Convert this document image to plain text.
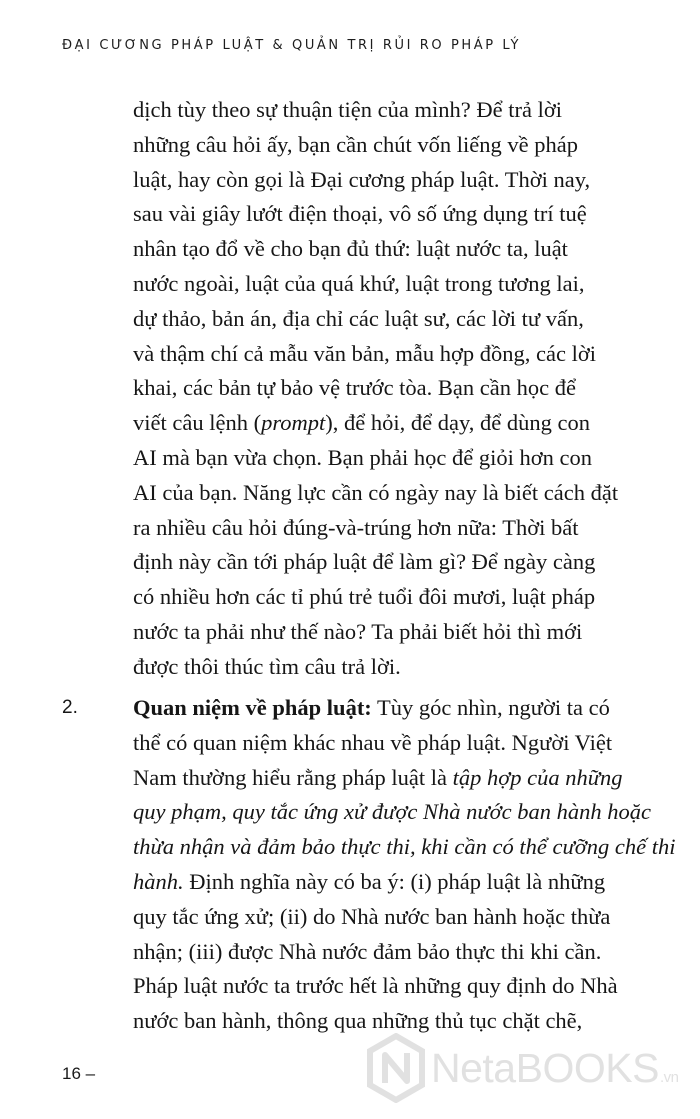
ĐẠI CƯƠNG PHÁP LUẬT & QUẢN TRỊ RỦI RO PHÁP LÝ
dịch tùy theo sự thuận tiện của mình? Để trả lời
những câu hỏi ấy, bạn cần chút vốn liếng về pháp
luật, hay còn gọi là Đại cương pháp luật. Thời nay,
sau vài giây lướt điện thoại, vô số ứng dụng trí tuệ
nhân tạo đổ về cho bạn đủ thứ: luật nước ta, luật
nước ngoài, luật của quá khứ, luật trong tương lai,
dự thảo, bản án, địa chỉ các luật sư, các lời tư vấn,
và thậm chí cả mẫu văn bản, mẫu hợp đồng, các lời
khai, các bản tự bảo vệ trước tòa. Bạn cần học để
viết câu lệnh (prompt), để hỏi, để dạy, để dùng con
AI mà bạn vừa chọn. Bạn phải học để giỏi hơn con
AI của bạn. Năng lực cần có ngày nay là biết cách đặt
ra nhiều câu hỏi đúng-và-trúng hơn nữa: Thời bất
định này cần tới pháp luật để làm gì? Để ngày càng
có nhiều hơn các tỉ phú trẻ tuổi đôi mươi, luật pháp
nước ta phải như thế nào? Ta phải biết hỏi thì mới
được thôi thúc tìm câu trả lời.
2. Quan niệm về pháp luật: Tùy góc nhìn, người ta có
thể có quan niệm khác nhau về pháp luật. Người Việt
Nam thường hiểu rằng pháp luật là tập hợp của những
quy phạm, quy tắc ứng xử được Nhà nước ban hành hoặc
thừa nhận và đảm bảo thực thi, khi cần có thể cưỡng chế thi
hành. Định nghĩa này có ba ý: (i) pháp luật là những
quy tắc ứng xử; (ii) do Nhà nước ban hành hoặc thừa
nhận; (iii) được Nhà nước đảm bảo thực thi khi cần.
Pháp luật nước ta trước hết là những quy định do Nhà
nước ban hành, thông qua những thủ tục chặt chẽ,
16 –	NetaBOOKS.vn
